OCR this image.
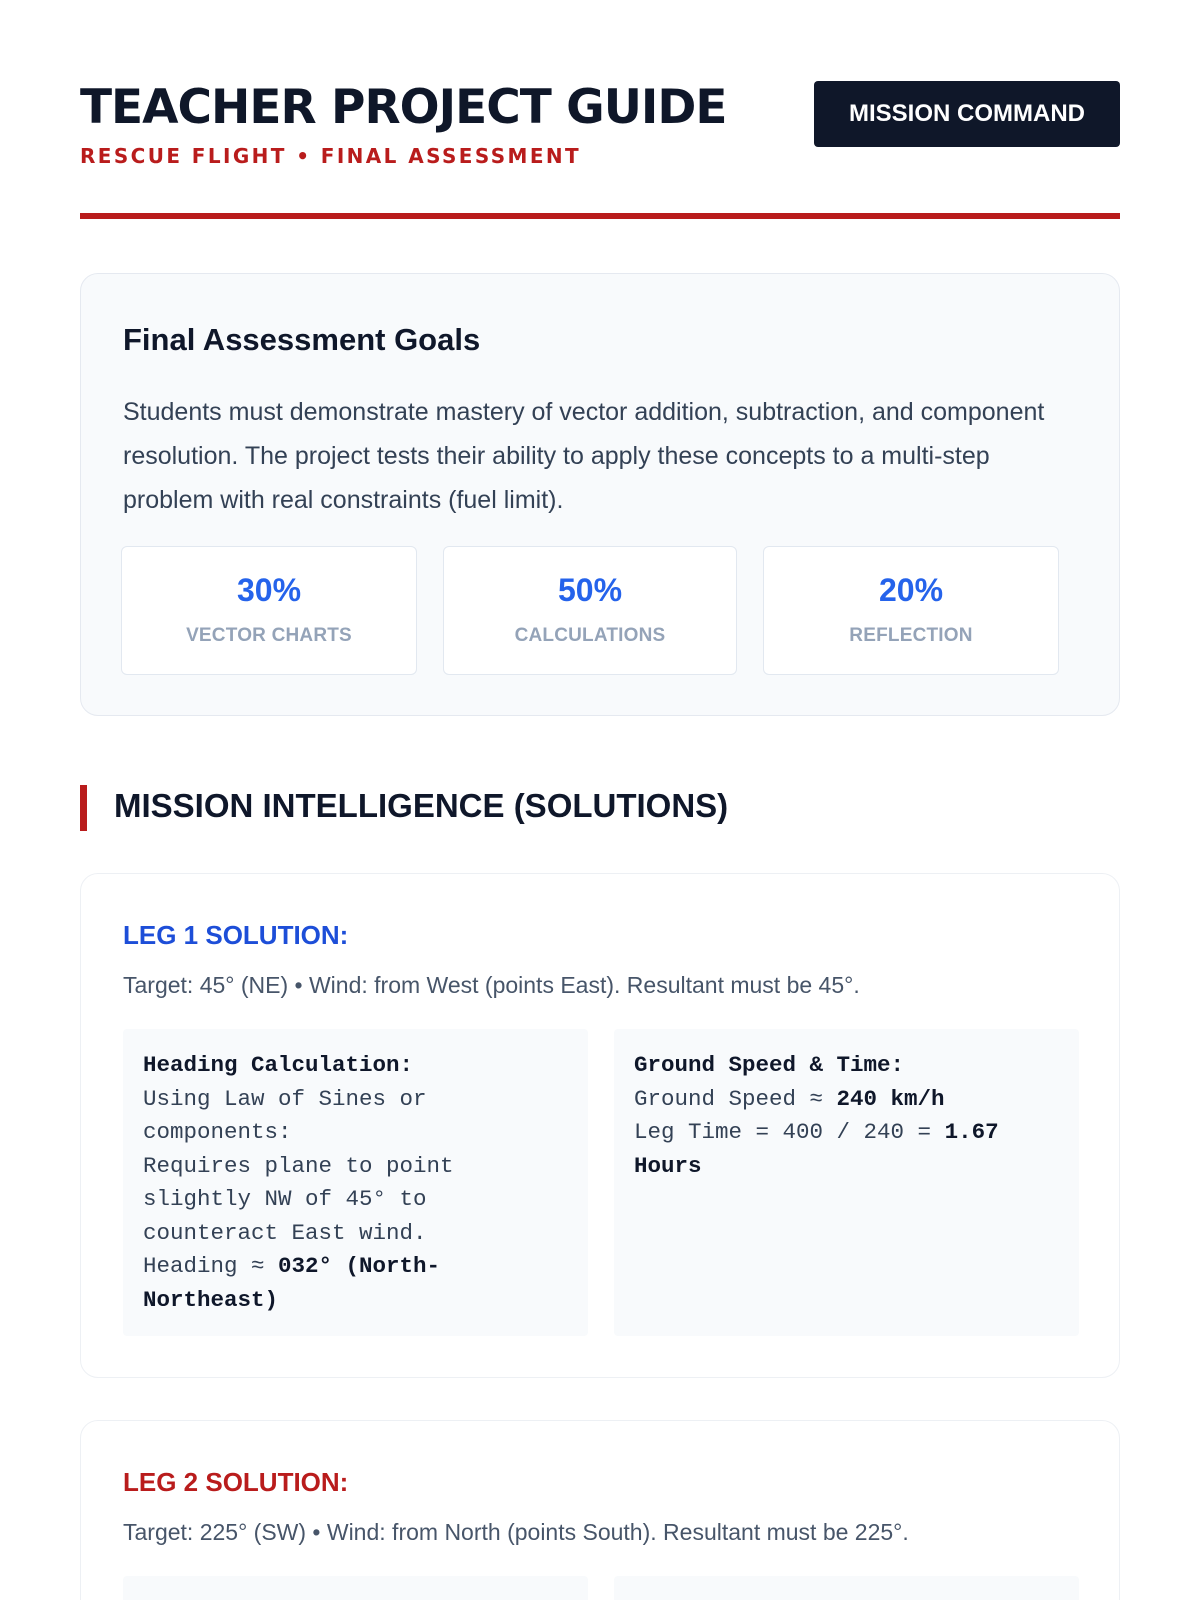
TEACHER PROJECT GUIDE
RESCUE FLIGHT • FINAL ASSESSMENT
MISSION COMMAND
Final Assessment Goals

Students must demonstrate mastery of vector addition, subtraction, and component resolution. The project tests their ability to apply these concepts to a multi-step problem with real constraints (fuel limit).

30%
VECTOR CHARTS
50%
CALCULATIONS
20%
REFLECTION
MISSION INTELLIGENCE (SOLUTIONS)
LEG 1 SOLUTION:
Target: 45° (NE) • Wind: from West (points East). Resultant must be 45°.
Heading Calculation:
Using Law of Sines or
components:
Requires plane to point
slightly NW of 45° to
counteract East wind.
Heading ≈ 032° (North-
Northeast)
Ground Speed & Time:
Ground Speed ≈ 240 km/h
Leg Time = 400 / 240 = 1.67
Hours
LEG 2 SOLUTION:
Target: 225° (SW) • Wind: from North (points South). Resultant must be 225°.
